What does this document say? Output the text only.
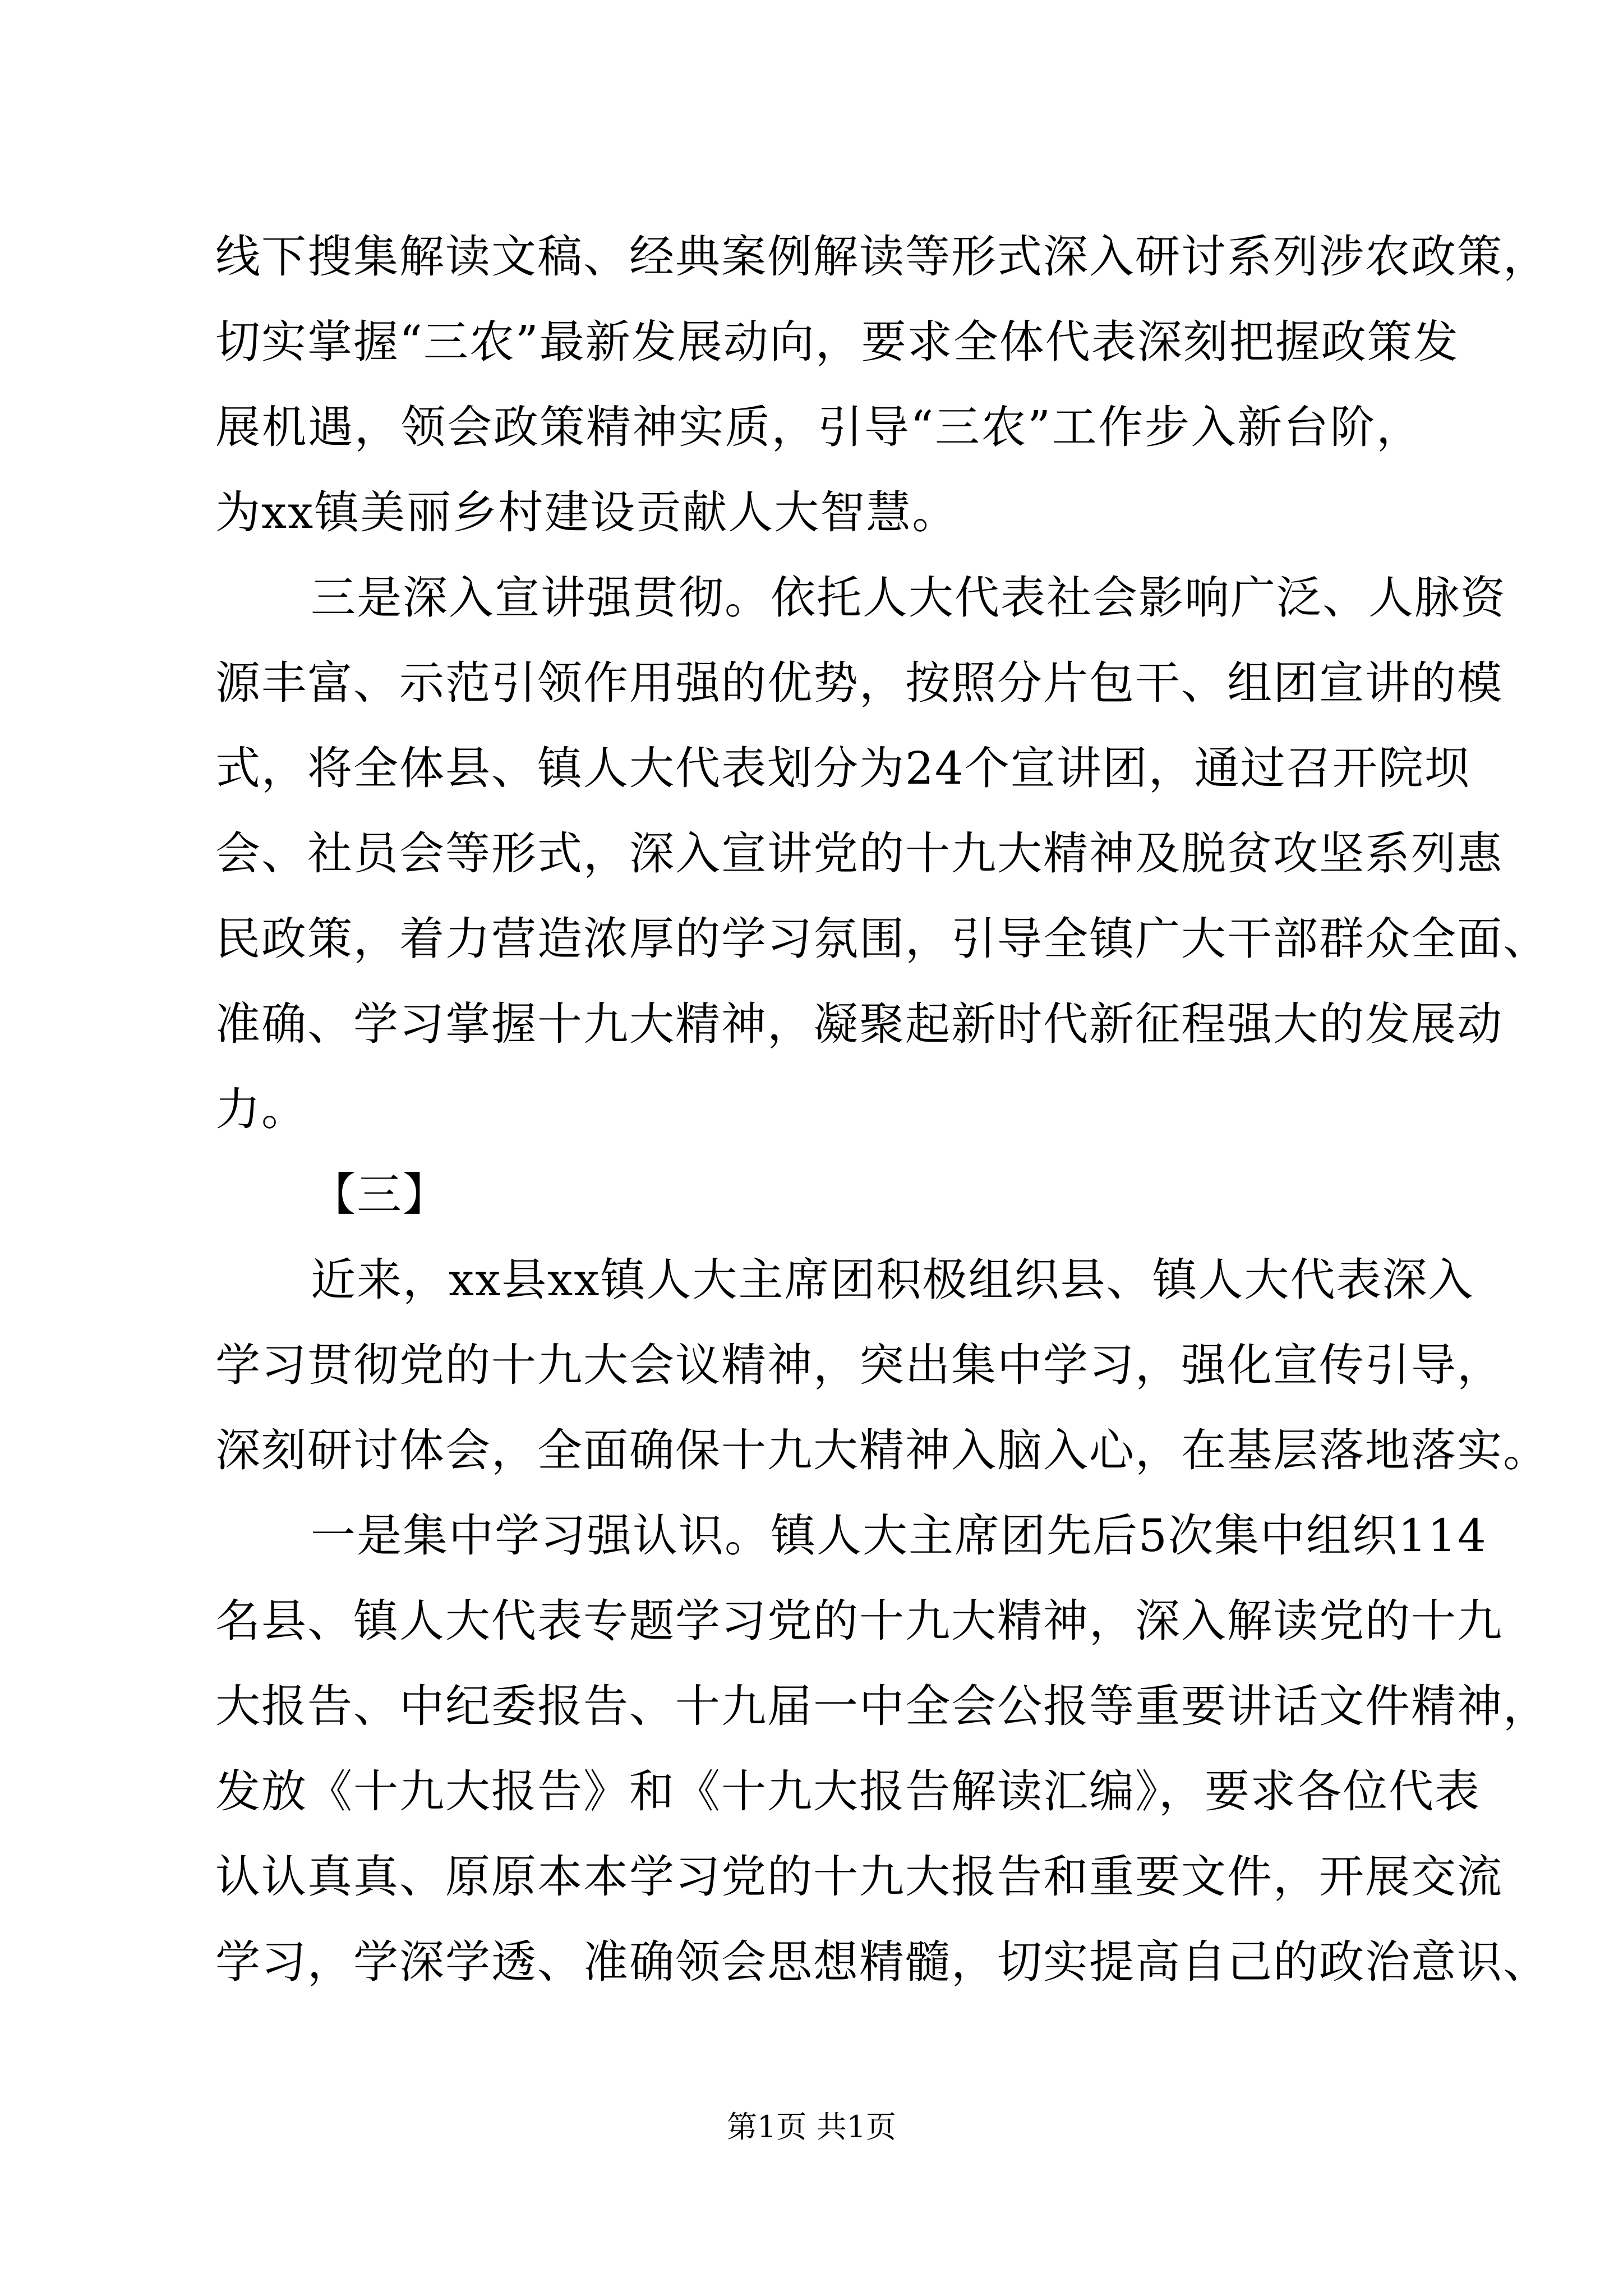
线下搜集解读文稿、经典案例解读等形式深入研讨系列涉农政策，
切实掌握“三农”最新发展动向，要求全体代表深刻把握政策发
展机遇，领会政策精神实质，引导“三农”工作步入新台阶，
为xx镇美丽乡村建设贡献人大智慧。
三是深入宣讲强贯彻。依托人大代表社会影响广泛、人脉资
源丰富、示范引领作用强的优势，按照分片包干、组团宣讲的模
式，将全体县、镇人大代表划分为24个宣讲团，通过召开院坝
会、社员会等形式，深入宣讲党的十九大精神及脱贫攻坚系列惠
民政策，着力营造浓厚的学习氛围，引导全镇广大干部群众全面、
准确、学习掌握十九大精神，凝聚起新时代新征程强大的发展动
力。
【三】
近来，xx县xx镇人大主席团积极组织县、镇人大代表深入
学习贯彻党的十九大会议精神，突出集中学习，强化宣传引导，
深刻研讨体会，全面确保十九大精神入脑入心，在基层落地落实。
一是集中学习强认识。镇人大主席团先后5次集中组织114
名县、镇人大代表专题学习党的十九大精神，深入解读党的十九
大报告、中纪委报告、十九届一中全会公报等重要讲话文件精神，
发放《十九大报告》和《十九大报告解读汇编》，要求各位代表
认认真真、原原本本学习党的十九大报告和重要文件，开展交流
学习，学深学透、准确领会思想精髓，切实提高自己的政治意识、
第1页 共1页
